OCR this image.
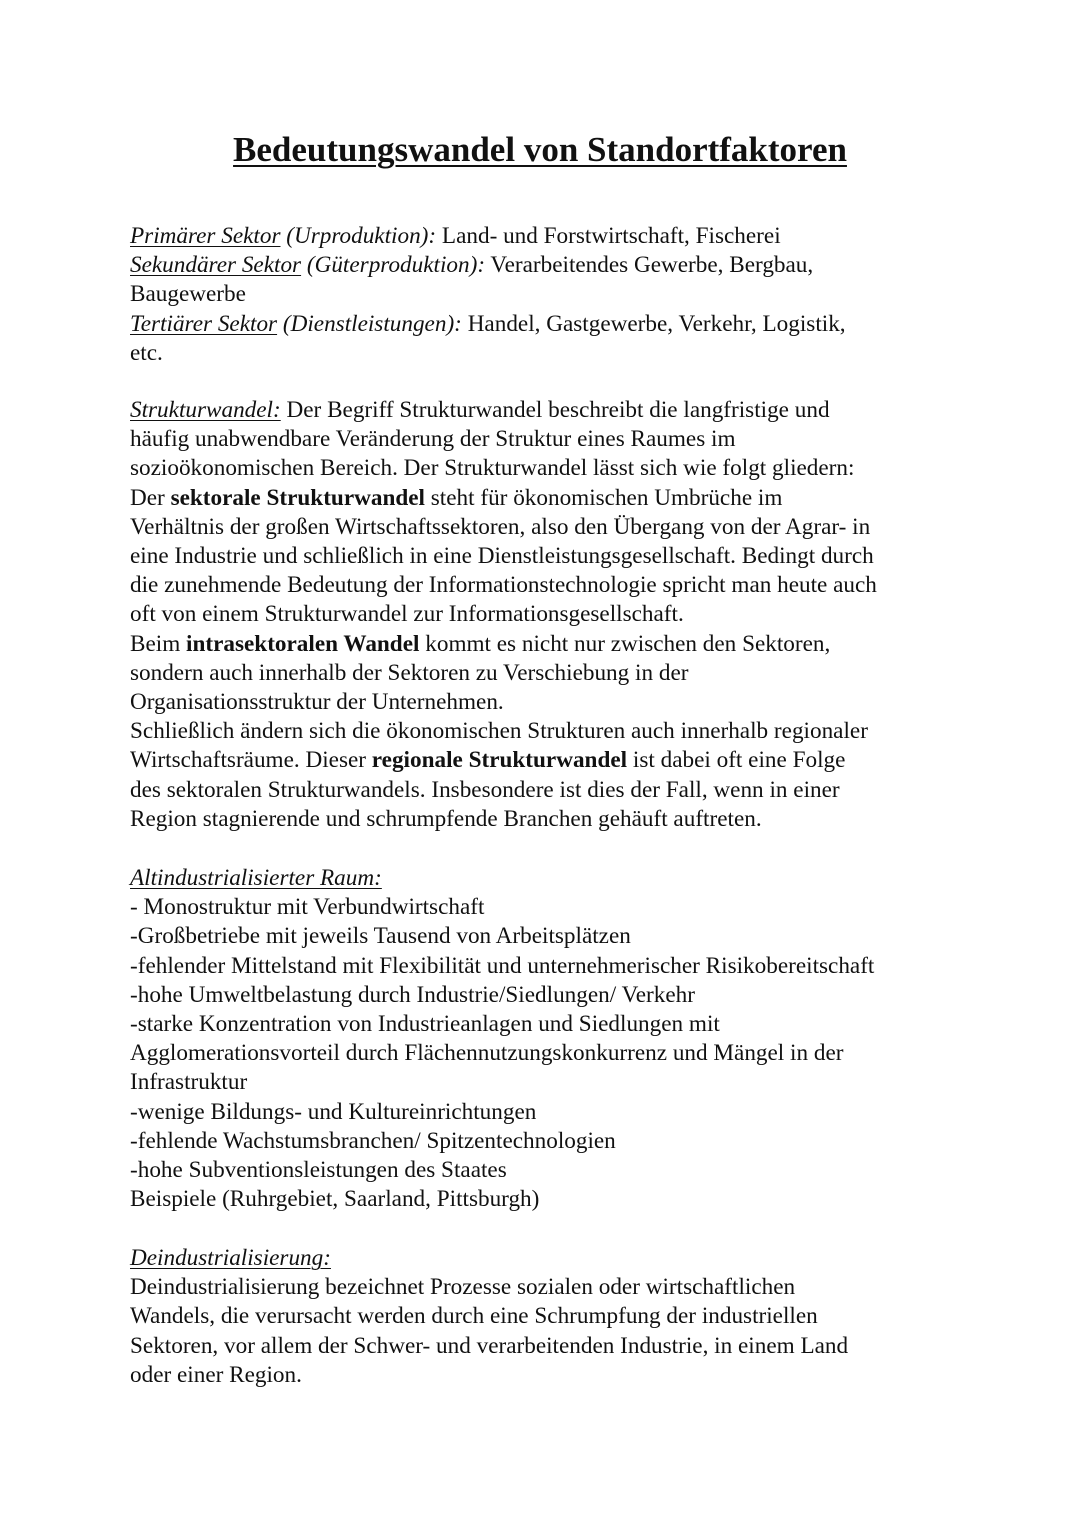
Bedeutungswandel von Standortfaktoren
Primärer Sektor (Urproduktion): Land- und Forstwirtschaft, Fischerei
Sekundärer Sektor (Güterproduktion): Verarbeitendes Gewerbe, Bergbau,
Baugewerbe
Tertiärer Sektor (Dienstleistungen): Handel, Gastgewerbe, Verkehr, Logistik,
etc.
Strukturwandel: Der Begriff Strukturwandel beschreibt die langfristige und
häufig unabwendbare Veränderung der Struktur eines Raumes im
sozioökonomischen Bereich. Der Strukturwandel lässt sich wie folgt gliedern:
Der sektorale Strukturwandel steht für ökonomischen Umbrüche im
Verhältnis der großen Wirtschaftssektoren, also den Übergang von der Agrar- in
eine Industrie und schließlich in eine Dienstleistungsgesellschaft. Bedingt durch
die zunehmende Bedeutung der Informationstechnologie spricht man heute auch
oft von einem Strukturwandel zur Informationsgesellschaft.
Beim intrasektoralen Wandel kommt es nicht nur zwischen den Sektoren,
sondern auch innerhalb der Sektoren zu Verschiebung in der
Organisationsstruktur der Unternehmen.
Schließlich ändern sich die ökonomischen Strukturen auch innerhalb regionaler
Wirtschaftsräume. Dieser regionale Strukturwandel ist dabei oft eine Folge
des sektoralen Strukturwandels. Insbesondere ist dies der Fall, wenn in einer
Region stagnierende und schrumpfende Branchen gehäuft auftreten.
Altindustrialisierter Raum:
- Monostruktur mit Verbundwirtschaft
-Großbetriebe mit jeweils Tausend von Arbeitsplätzen
-fehlender Mittelstand mit Flexibilität und unternehmerischer Risikobereitschaft
-hohe Umweltbelastung durch Industrie/Siedlungen/ Verkehr
-starke Konzentration von Industrieanlagen und Siedlungen mit
Agglomerationsvorteil durch Flächennutzungskonkurrenz und Mängel in der
Infrastruktur
-wenige Bildungs- und Kultureinrichtungen
-fehlende Wachstumsbranchen/ Spitzentechnologien
-hohe Subventionsleistungen des Staates
Beispiele (Ruhrgebiet, Saarland, Pittsburgh)
Deindustrialisierung:
Deindustrialisierung bezeichnet Prozesse sozialen oder wirtschaftlichen
Wandels, die verursacht werden durch eine Schrumpfung der industriellen
Sektoren, vor allem der Schwer- und verarbeitenden Industrie, in einem Land
oder einer Region.
